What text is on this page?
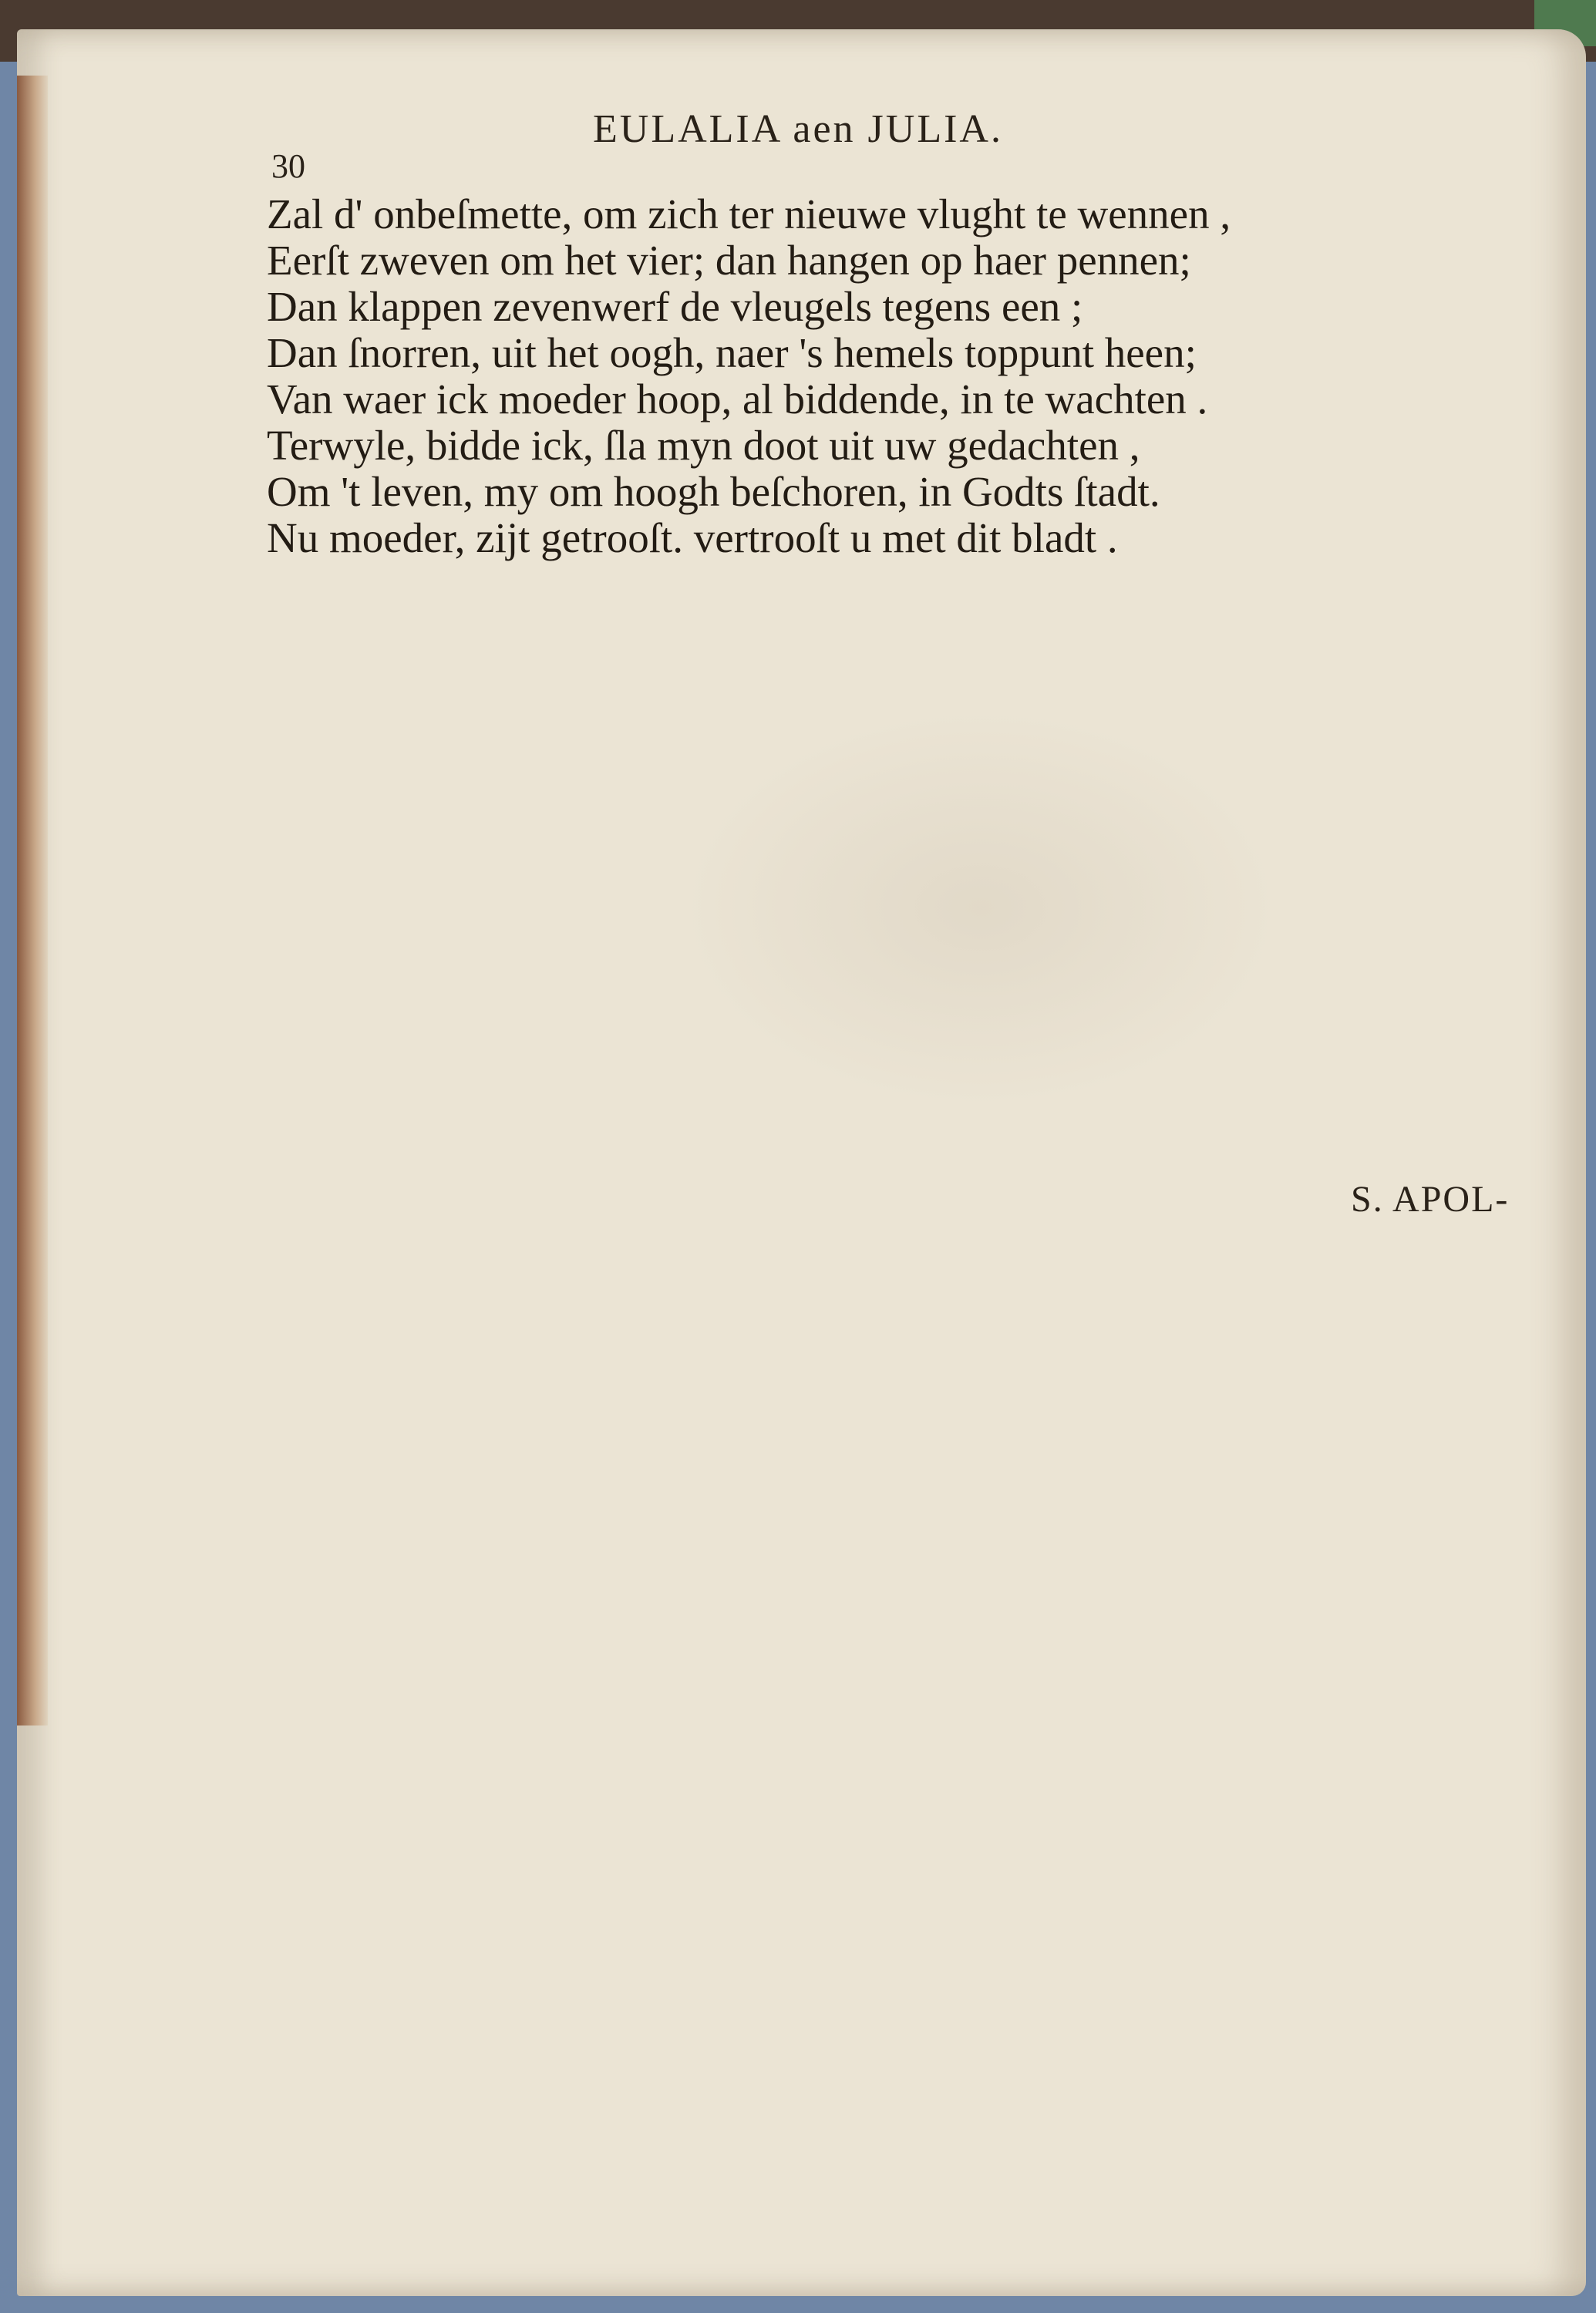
EULALIA aen JULIA.
30
Zal d' onbeſmette, om zich ter nieuwe vlught te wennen ,
Eerſt zweven om het vier; dan hangen op haer pennen;
Dan klappen zevenwerf de vleugels tegens een ;
Dan ſnorren, uit het oogh, naer 's hemels toppunt heen;
Van waer ick moeder hoop, al biddende, in te wachten .
Terwyle, bidde ick, ſla myn doot uit uw gedachten ,
Om 't leven, my om hoogh beſchoren, in Godts ſtadt.
Nu moeder, zijt getrooſt. vertrooſt u met dit bladt .
S. APOL-
